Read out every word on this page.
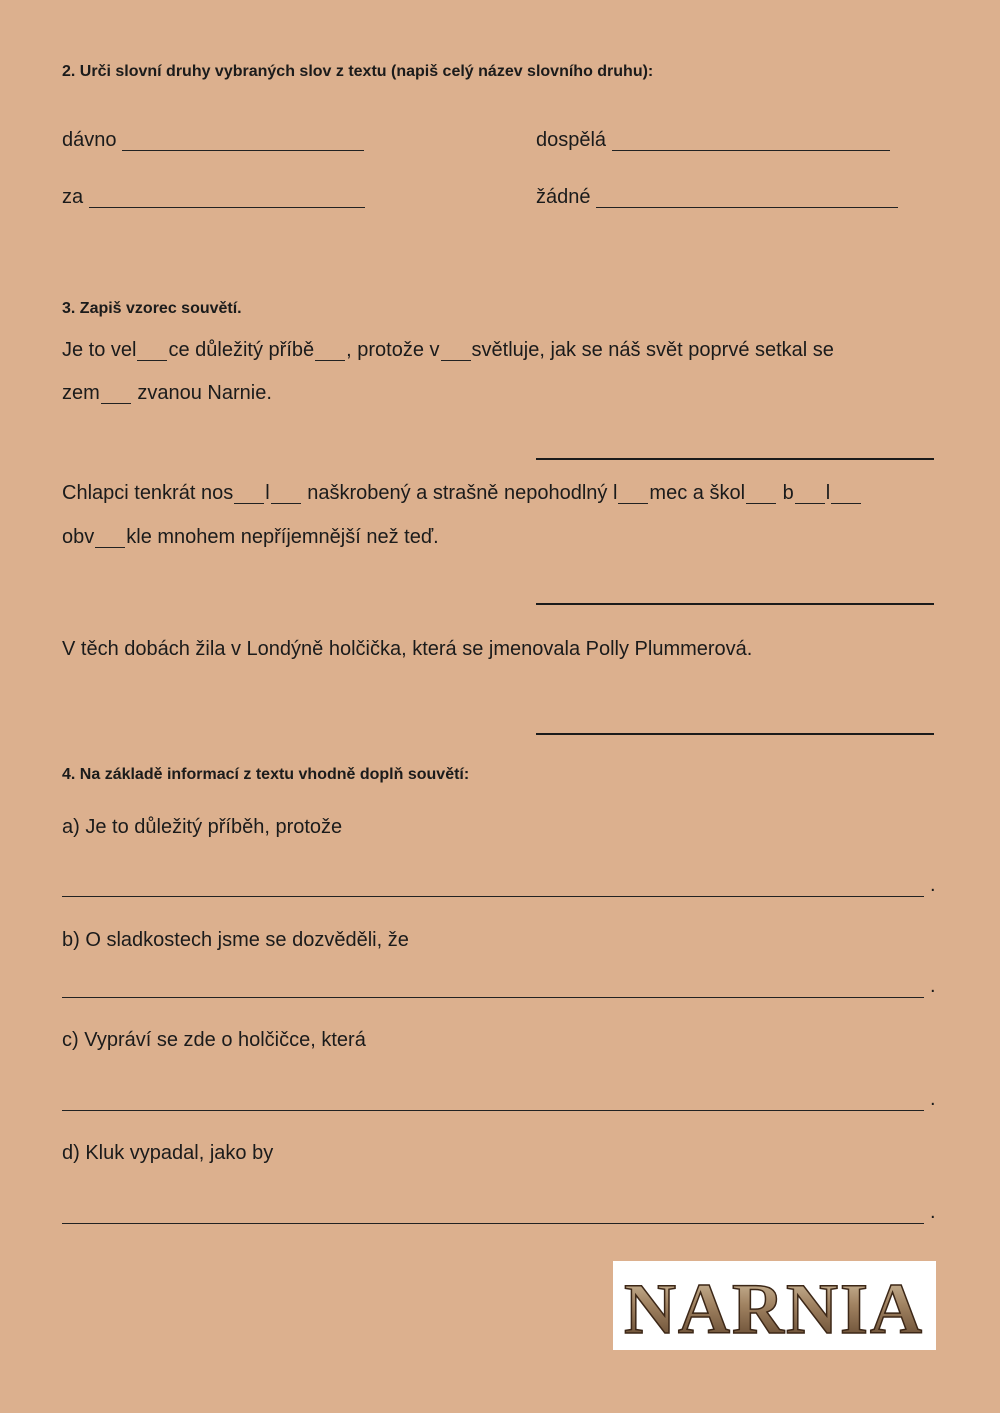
2. Urči slovní druhy vybraných slov z textu (napiš celý název slovního druhu):
dávno	dospělá
za	žádné
3. Zapiš vzorec souvětí.
Je to vel ce důležitý příbě , protože v světluje, jak se náš svět poprvé setkal se
zem zvanou Narnie.
Chlapci tenkrát nos l naškrobený a strašně nepohodlný l mec a škol b l
obv kle mnohem nepříjemnější než teď.
V těch dobách žila v Londýně holčička, která se jmenovala Polly Plummerová.
4. Na základě informací z textu vhodně doplň souvětí:
a) Je to důležitý příběh, protože
.
b) O sladkostech jsme se dozvěděli, že
.
c) Vypráví se zde o holčičce, která
.
d) Kluk vypadal, jako by
.
NARNIA
